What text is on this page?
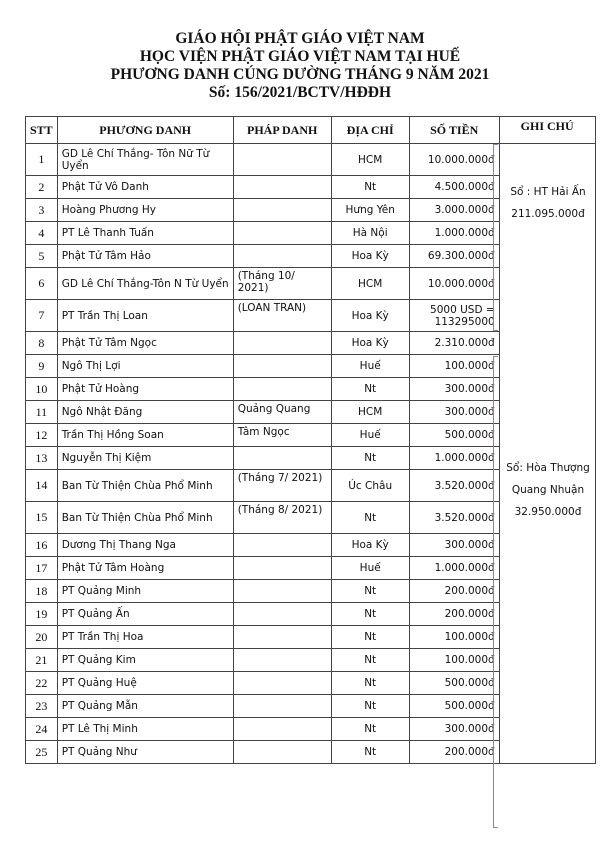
GIÁO HỘI PHẬT GIÁO VIỆT NAM
HỌC VIỆN PHẬT GIÁO VIỆT NAM TẠI HUẾ
PHƯƠNG DANH CÚNG DƯỜNG THÁNG 9 NĂM 2021
Số: 156/2021/BCTV/HĐĐH
STT	PHƯƠNG DANH	PHÁP DANH	ĐỊA CHỈ	SỐ TIỀN	GHI CHÚ
1	GD Lê Chí Thắng- Tôn Nữ Từ Uyển		HCM	10.000.000đ	
2	Phật Tử Vô Danh		Nt	4.500.000đ	
3	Hoàng Phương Hy		Hưng Yên	3.000.000đ	
4	PT Lê Thanh Tuấn		Hà Nội	1.000.000đ	
5	Phật Tử Tâm Hảo		Hoa Kỳ	69.300.000đ	
6	GD Lê Chí Thắng-Tôn N Từ Uyển	(Tháng 10/ 2021)	HCM	10.000.000đ	
7	PT Trần Thị Loan	(LOAN TRAN)	Hoa Kỳ	5000 USD = 113295000	
8	Phật Tử Tâm Ngọc		Hoa Kỳ	2.310.000đ	
9	Ngô Thị Lợi		Huế	100.000đ	
10	Phật Tử Hoàng		Nt	300.000đ	
11	Ngô Nhật Đăng	Quảng Quang	HCM	300.000đ	
12	Trần Thị Hồng Soan	Tâm Ngọc	Huế	500.000đ	
13	Nguyễn Thị Kiệm		Nt	1.000.000đ	
14	Ban Từ Thiện Chùa Phổ Minh	(Tháng 7/ 2021)	Úc Châu	3.520.000đ	
15	Ban Từ Thiện Chùa Phổ Minh	(Tháng 8/ 2021)	Nt	3.520.000đ	
16	Dương Thị Thang Nga		Hoa Kỳ	300.000đ	
17	Phật Tử Tâm Hoàng		Huế	1.000.000đ	
18	PT Quảng Minh		Nt	200.000đ	
19	PT Quảng Ấn		Nt	200.000đ	
20	PT Trần Thị Hoa		Nt	100.000đ	
21	PT Quảng Kim		Nt	100.000đ	
22	PT Quảng Huệ		Nt	500.000đ	
23	PT Quảng Mẫn		Nt	500.000đ	
24	PT Lê Thị Minh		Nt	300.000đ	
25	PT Quảng Như		Nt	200.000đ	
Sổ : HT Hải Ấn
211.095.000đ
Sổ: Hòa Thượng
Quang Nhuận
32.950.000đ
